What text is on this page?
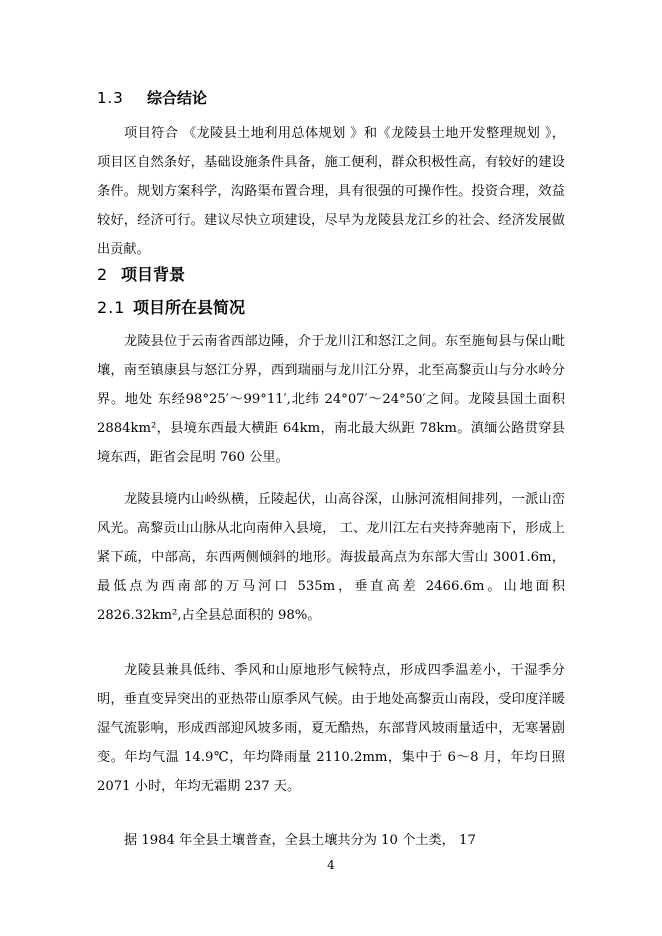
1.3 综合结论

项目符合 《龙陵县土地利用总体规划 》和《龙陵县土地开发整理规划 》，项目区自然条好，基础设施条件具备，施工便利，群众积极性高，有较好的建设条件。规划方案科学，沟路渠布置合理，具有很强的可操作性。投资合理，效益较好，经济可行。建议尽快立项建设，尽早为龙陵县龙江乡的社会、经济发展做出贡献。

2 项目背景
2.1 项目所在县简况

龙陵县位于云南省西部边陲，介于龙川江和怒江之间。东至施甸县与保山毗壤，南至镇康县与怒江分界，西到瑞丽与龙川江分界，北至高黎贡山与分水岭分界。地处 东经98°25′～99°11′,北纬 24°07′～24°50′之间。龙陵县国土面积 2884km²，县境东西最大横距 64km，南北最大纵距 78km。滇缅公路贯穿县境东西，距省会昆明 760 公里。

龙陵县境内山岭纵横，丘陵起伏，山高谷深，山脉河流相间排列，一派山峦风光。高黎贡山山脉从北向南伸入县境， 工、龙川江左右夹持奔驰南下，形成上紧下疏，中部高，东西两侧倾斜的地形。海拔最高点为东部大雪山 3001.6m，最低点为西南部的万马河口 535m，垂直高差 2466.6m。山地面积 2826.32km²,占全县总面积的 98%。

龙陵县兼具低纬、季风和山原地形气候特点，形成四季温差小，干湿季分明，垂直变异突出的亚热带山原季风气候。由于地处高黎贡山南段，受印度洋暖湿气流影响，形成西部迎风坡多雨，夏无酷热，东部背风坡雨量适中，无寒暑剧变。年均气温 14.9℃，年均降雨量 2110.2mm，集中于 6～8 月，年均日照 2071 小时，年均无霜期 237 天。

据 1984 年全县土壤普查，全县土壤共分为 10 个土类， 17

4
